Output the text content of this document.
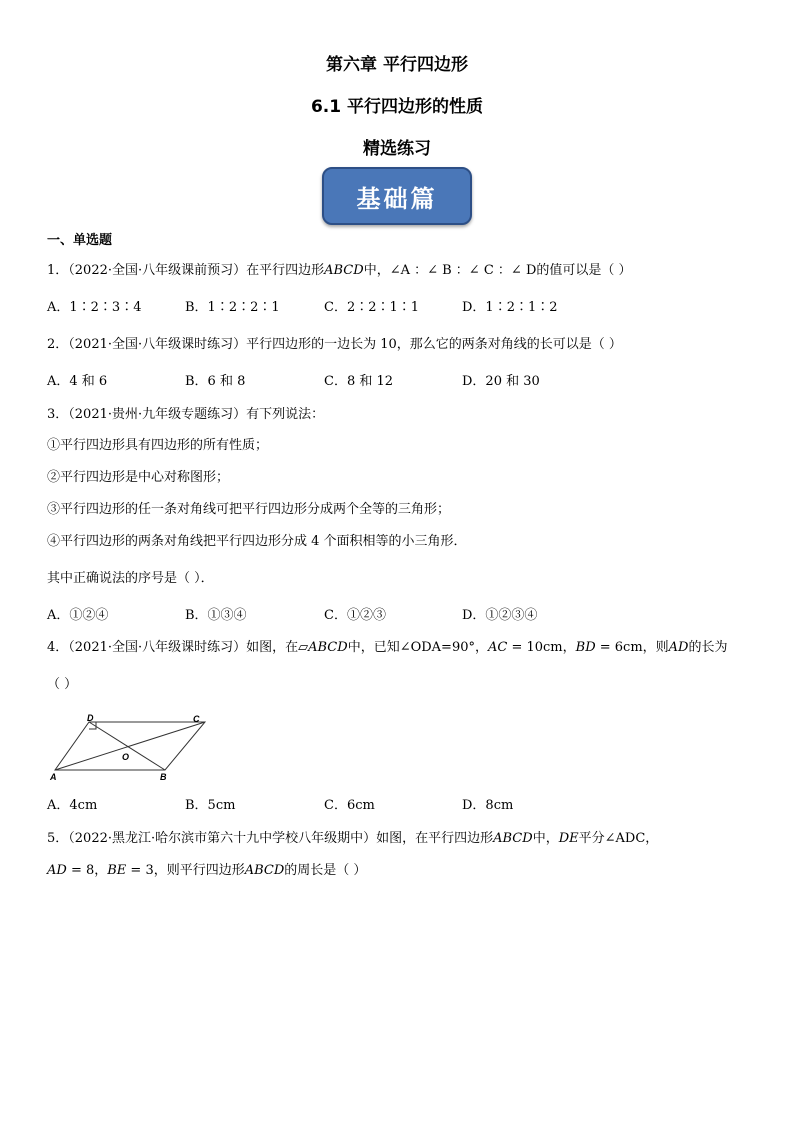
第六章 平行四边形
6.1 平行四边形的性质
精选练习
基础篇
一、单选题
1．（2022·全国·八年级课前预习）在平行四边形ABCD中，∠A ：∠ B ：∠ C ：∠ D的值可以是（ ）
A．1∶2∶3∶4	B．1∶2∶2∶1	C．2∶2∶1∶1	D．1∶2∶1∶2
2．（2021·全国·八年级课时练习）平行四边形的一边长为 10，那么它的两条对角线的长可以是（ ）
A．4 和 6	B．6 和 8	C．8 和 12	D．20 和 30
3．（2021·贵州·九年级专题练习）有下列说法：
①平行四边形具有四边形的所有性质；
②平行四边形是中心对称图形；
③平行四边形的任一条对角线可把平行四边形分成两个全等的三角形；
④平行四边形的两条对角线把平行四边形分成 4 个面积相等的小三角形．
其中正确说法的序号是（ ）．
A．①②④	B．①③④	C．①②③	D．①②③④
4．（2021·全国·八年级课时练习）如图，在▱ABCD中，已知∠ODA=90°，AC = 10cm，BD = 6cm，则AD的长为
（ ）
D	C
O
A	B
A．4cm	B．5cm	C．6cm	D．8cm
5．（2022·黑龙江·哈尔滨市第六十九中学校八年级期中）如图，在平行四边形ABCD中，DE平分∠ADC，
AD = 8，BE = 3，则平行四边形ABCD的周长是（ ）
